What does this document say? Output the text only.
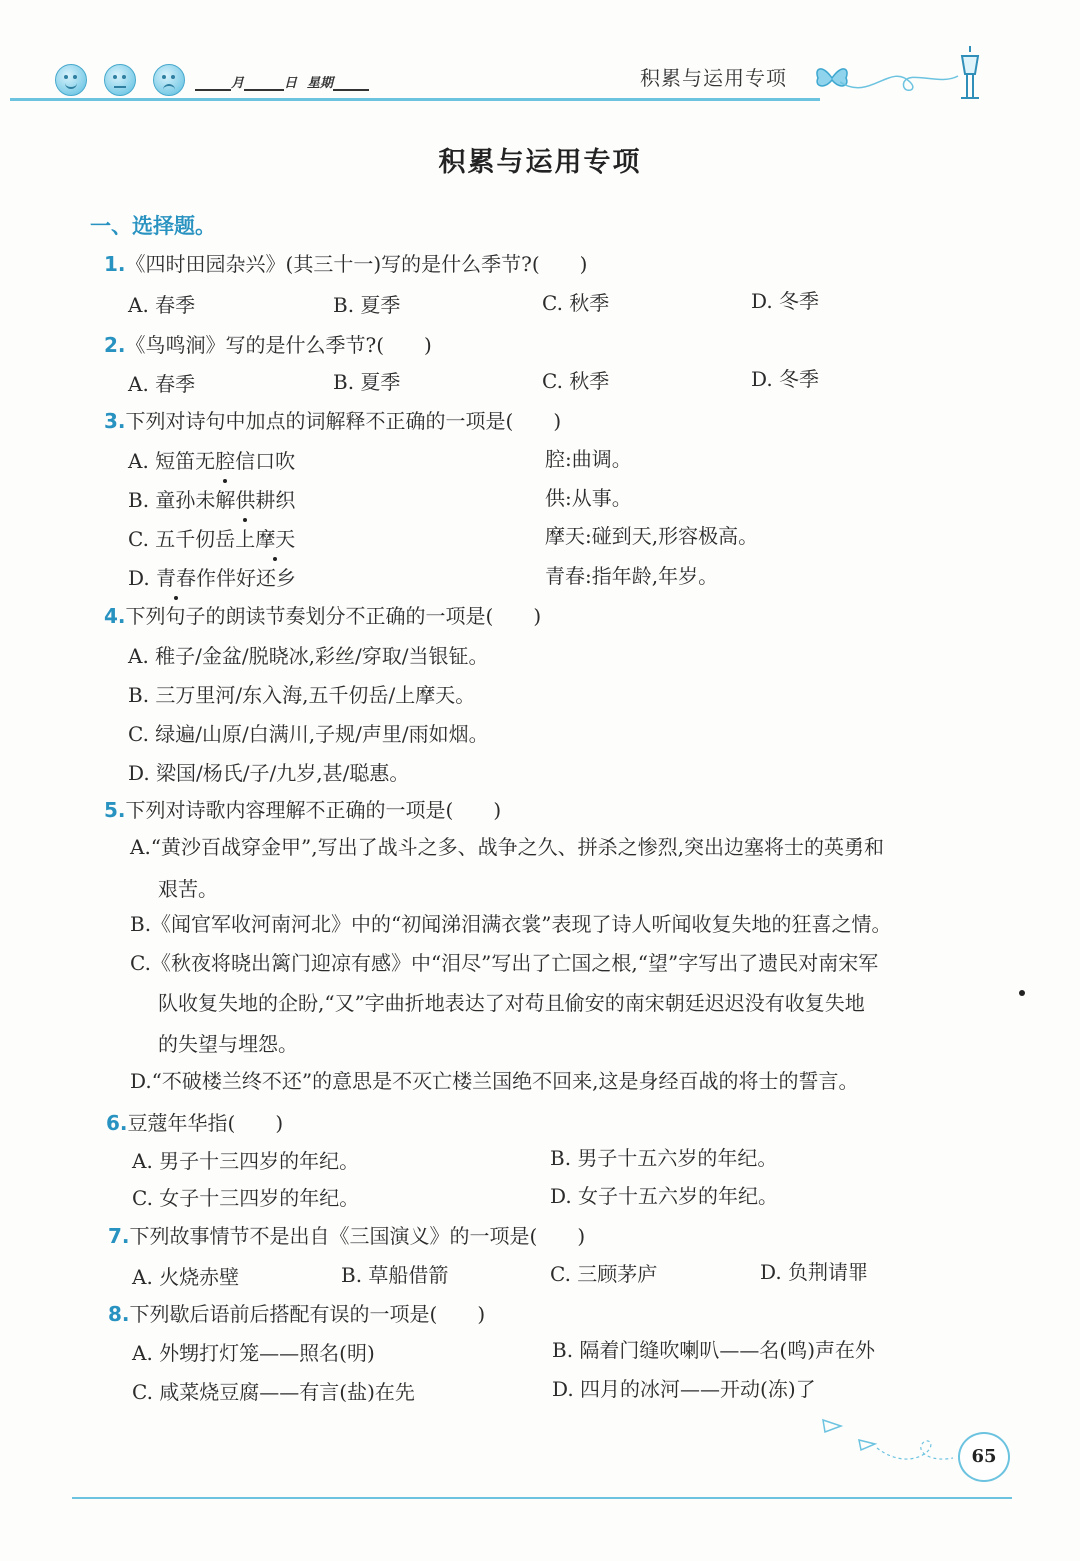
月	日 星期	积累与运用专项
积累与运用专项
一、选择题。
1.《四时田园杂兴》(其三十一)写的是什么季节?(　　)
A. 春季	B. 夏季	C. 秋季	D. 冬季
2.《鸟鸣涧》写的是什么季节?(　　)
A. 春季	B. 夏季	C. 秋季	D. 冬季
3.下列对诗句中加点的词解释不正确的一项是(　　)
A. 短笛无腔信口吹	腔:曲调。
B. 童孙未解供耕织	供:从事。
C. 五千仞岳上摩天	摩天:碰到天,形容极高。
D. 青春作伴好还乡	青春:指年龄,年岁。
4.下列句子的朗读节奏划分不正确的一项是(　　)
A. 稚子/金盆/脱晓冰,彩丝/穿取/当银钲。
B. 三万里河/东入海,五千仞岳/上摩天。
C. 绿遍/山原/白满川,子规/声里/雨如烟。
D. 梁国/杨氏/子/九岁,甚/聪惠。
5.下列对诗歌内容理解不正确的一项是(　　)
A.“黄沙百战穿金甲”,写出了战斗之多、战争之久、拼杀之惨烈,突出边塞将士的英勇和
艰苦。
B.《闻官军收河南河北》中的“初闻涕泪满衣裳”表现了诗人听闻收复失地的狂喜之情。
C.《秋夜将晓出篱门迎凉有感》中“泪尽”写出了亡国之根,“望”字写出了遗民对南宋军
队收复失地的企盼,“又”字曲折地表达了对苟且偷安的南宋朝廷迟迟没有收复失地
的失望与埋怨。
D.“不破楼兰终不还”的意思是不灭亡楼兰国绝不回来,这是身经百战的将士的誓言。
6.豆蔻年华指(　　)
A. 男子十三四岁的年纪。	B. 男子十五六岁的年纪。
C. 女子十三四岁的年纪。	D. 女子十五六岁的年纪。
7.下列故事情节不是出自《三国演义》的一项是(　　)
A. 火烧赤壁	B. 草船借箭	C. 三顾茅庐	D. 负荆请罪
8.下列歇后语前后搭配有误的一项是(　　)
A. 外甥打灯笼——照名(明)	B. 隔着门缝吹喇叭——名(鸣)声在外
C. 咸菜烧豆腐——有言(盐)在先	D. 四月的冰河——开动(冻)了
65
